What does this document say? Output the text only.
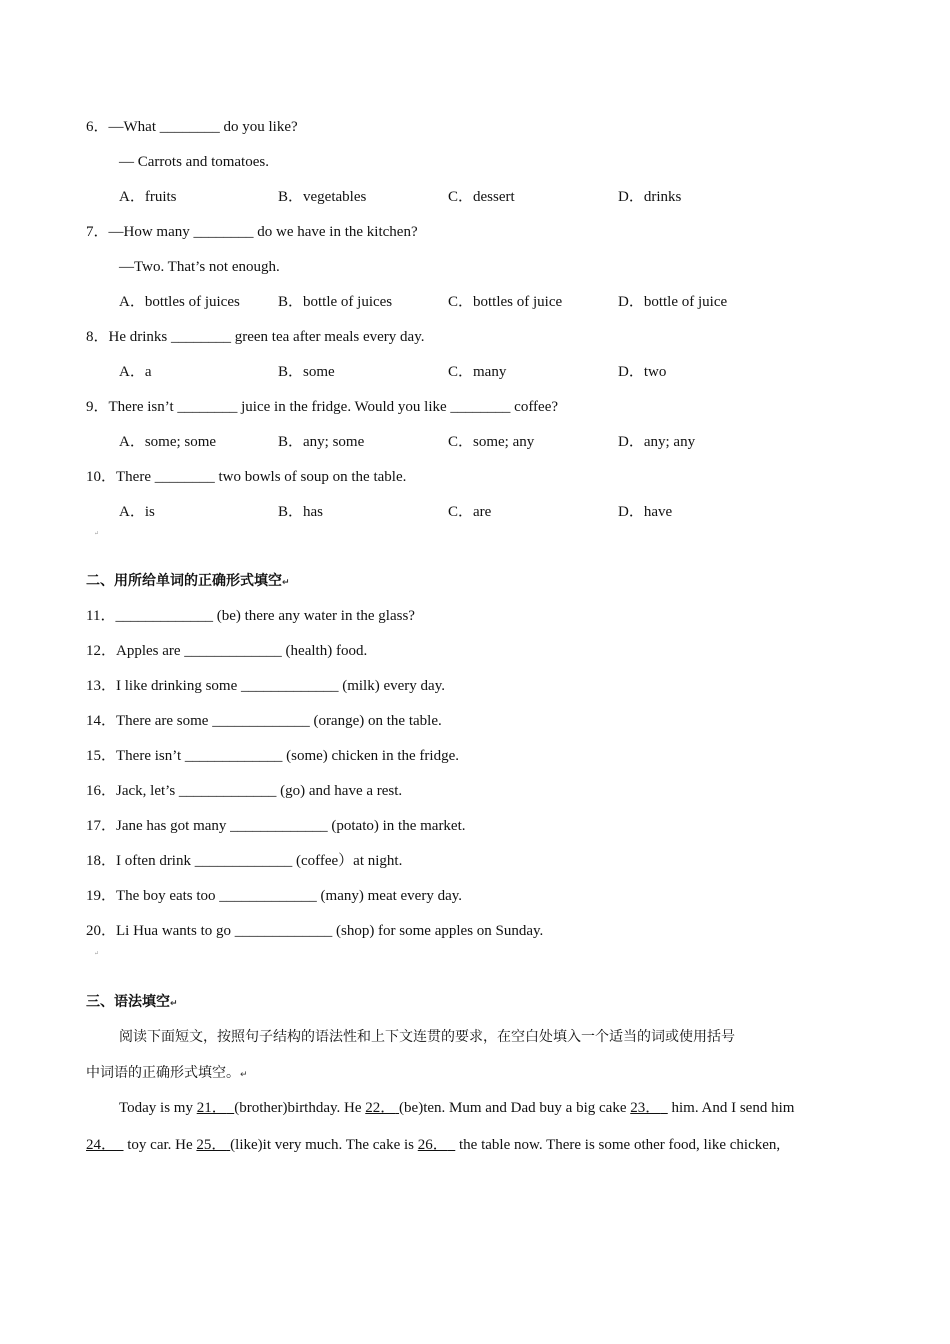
6．—What ________ do you like?
— Carrots and tomatoes.
A．fruits	B．vegetables	C．dessert	D．drinks
7．—How many ________ do we have in the kitchen?
—Two. That’s not enough.
A．bottles of juices	B．bottle of juices	C．bottles of juice	D．bottle of juice
8．He drinks ________ green tea after meals every day.
A．a	B．some	C．many	D．two
9．There isn’t ________ juice in the fridge. Would you like ________ coffee?
A．some; some	B．any; some	C．some; any	D．any; any
10．There ________ two bowls of soup on the table.
A．is	B．has	C．are	D．have
二、用所给单词的正确形式填空↵
11．_____________ (be) there any water in the glass?
12．Apples are _____________ (health) food.
13．I like drinking some _____________ (milk) every day.
14．There are some _____________ (orange) on the table.
15．There isn’t _____________ (some) chicken in the fridge.
16．Jack, let’s _____________ (go) and have a rest.
17．Jane has got many _____________ (potato) in the market.
18．I often drink _____________ (coffee）at night.
19．The boy eats too _____________ (many) meat every day.
20．Li Hua wants to go _____________ (shop) for some apples on Sunday.
↵
↵
三、语法填空↵
阅读下面短文，按照句子结构的语法性和上下文连贯的要求，在空白处填入一个适当的词或使用括号
中词语的正确形式填空。↵
Today is my 21． (brother)birthday. He 22． (be)ten. Mum and Dad buy a big cake 23．   him. And I send him
24．   toy car. He 25． (like)it very much. The cake is 26．   the table now. There is some other food, like chicken,
